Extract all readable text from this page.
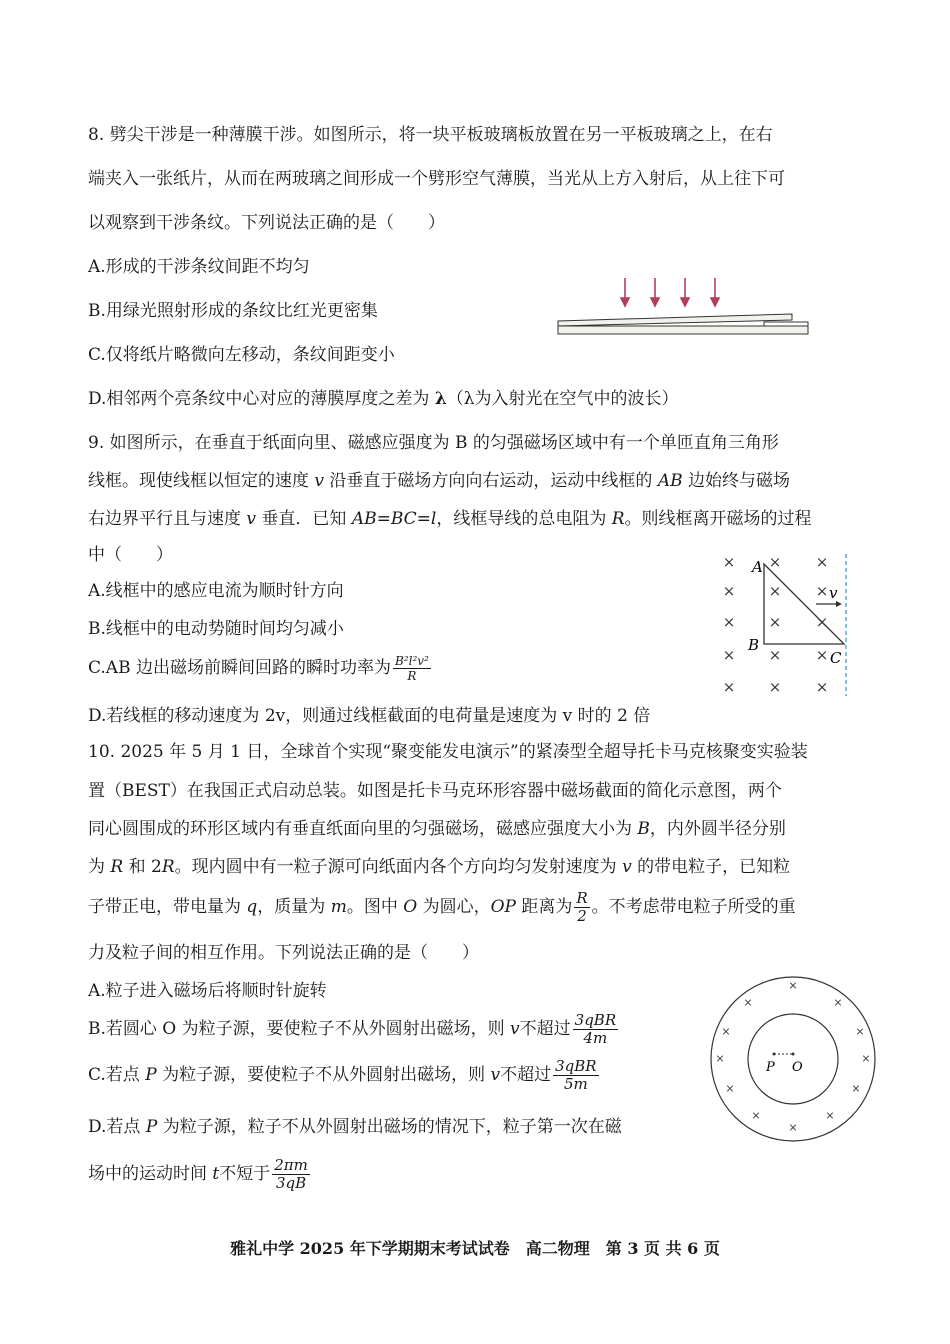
8. 劈尖干涉是一种薄膜干涉。如图所示，将一块平板玻璃板放置在另一平板玻璃之上，在右
端夹入一张纸片，从而在两玻璃之间形成一个劈形空气薄膜，当光从上方入射后，从上往下可
以观察到干涉条纹。下列说法正确的是（　　）
A.形成的干涉条纹间距不均匀
B.用绿光照射形成的条纹比红光更密集
C.仅将纸片略微向左移动，条纹间距变小
D.相邻两个亮条纹中心对应的薄膜厚度之差为 λ（λ为入射光在空气中的波长）
9. 如图所示，在垂直于纸面向里、磁感应强度为 B 的匀强磁场区域中有一个单匝直角三角形
线框。现使线框以恒定的速度 v 沿垂直于磁场方向向右运动，运动中线框的 AB 边始终与磁场
右边界平行且与速度 v 垂直．已知 AB=BC=l，线框导线的总电阻为 R。则线框离开磁场的过程
中（　　）
A.线框中的感应电流为顺时针方向
B.线框中的电动势随时间均匀减小
C.AB 边出磁场前瞬间回路的瞬时功率为 $\frac{\text{B²l²v²}}{R}$
D.若线框的移动速度为 2v，则通过线框截面的电荷量是速度为 v 时的 2 倍
× ×
× × ×
×
× × ×
× × ×
× × ×
A
B
C
v
10. 2025 年 5 月 1 日，全球首个实现“聚变能发电演示”的紧凑型全超导托卡马克核聚变实验装
置（BEST）在我国正式启动总装。如图是托卡马克环形容器中磁场截面的简化示意图，两个
同心圆围成的环形区域内有垂直纸面向里的匀强磁场，磁感应强度大小为 B，内外圆半径分别
为 R 和 2R。现内圆中有一粒子源可向纸面内各个方向均匀发射速度为 v 的带电粒子，已知粒
子带正电，带电量为 q，质量为 m。图中 O 为圆心，OP 距离为 $\frac{R}{2}$ 。不考虑带电粒子所受的重
力及粒子间的相互作用。下列说法正确的是（　　）
A.粒子进入磁场后将顺时针旋转
B.若圆心 O 为粒子源，要使粒子不从外圆射出磁场，则 v不超过 $\frac{\text{3qBR}}{4m}$
C.若点 P 为粒子源，要使粒子不从外圆射出磁场，则 v不超过 $\frac{\text{3qBR}}{5m}$
D.若点 P 为粒子源，粒子不从外圆射出磁场的情况下，粒子第一次在磁
场中的运动时间 t不短于 $\frac{2\pi m}{3qB}$
×
×	×
×	×
×	×
×	×
×	×
×
P O
雅礼中学 2025 年下学期期末考试试卷　高二物理　第 3 页 共 6 页
